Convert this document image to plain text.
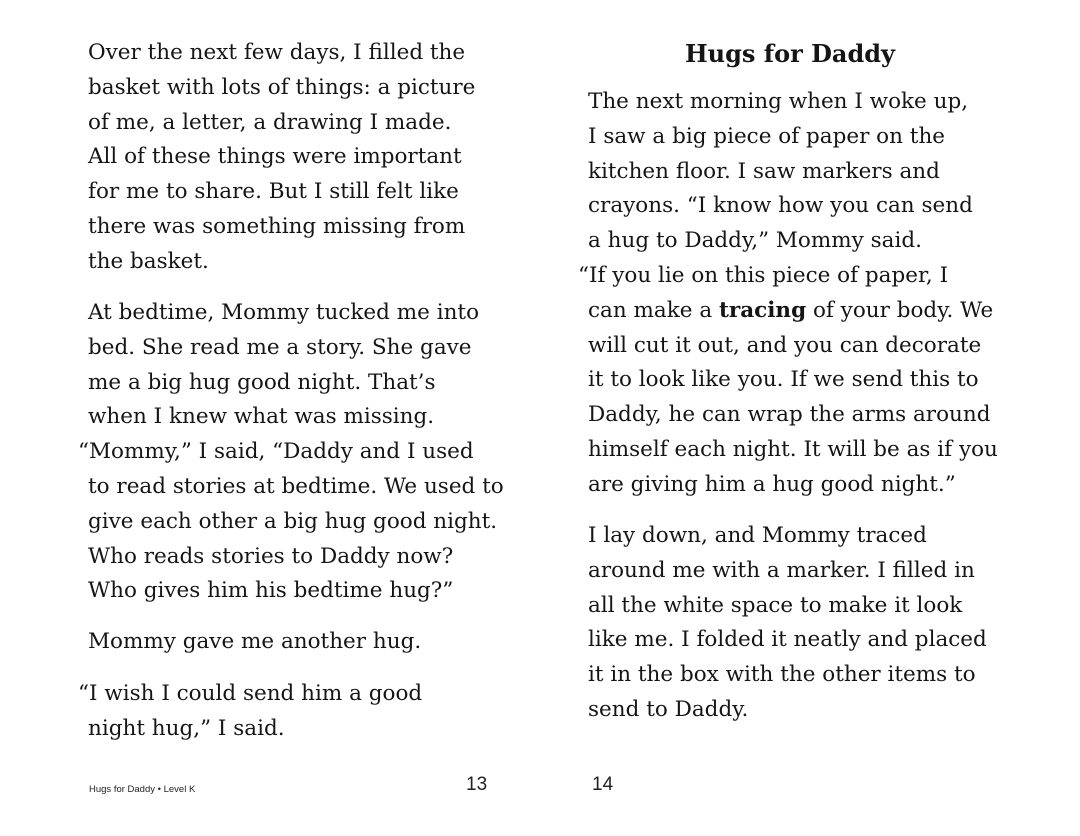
Over the next few days, I filled the
basket with lots of things: a picture
of me, a letter, a drawing I made.
All of these things were important
for me to share. But I still felt like
there was something missing from
the basket.

At bedtime, Mommy tucked me into
bed. She read me a story. She gave
me a big hug good night. That’s
when I knew what was missing.
“Mommy,” I said, “Daddy and I used
to read stories at bedtime. We used to
give each other a big hug good night.
Who reads stories to Daddy now?
Who gives him his bedtime hug?”

Mommy gave me another hug.

“I wish I could send him a good
night hug,” I said.

Hugs for Daddy • Level K	13
Hugs for Daddy

The next morning when I woke up,
I saw a big piece of paper on the
kitchen floor. I saw markers and
crayons. “I know how you can send
a hug to Daddy,” Mommy said.
“If you lie on this piece of paper, I
can make a tracing of your body. We
will cut it out, and you can decorate
it to look like you. If we send this to
Daddy, he can wrap the arms around
himself each night. It will be as if you
are giving him a hug good night.”

I lay down, and Mommy traced
around me with a marker. I filled in
all the white space to make it look
like me. I folded it neatly and placed
it in the box with the other items to
send to Daddy.

14
